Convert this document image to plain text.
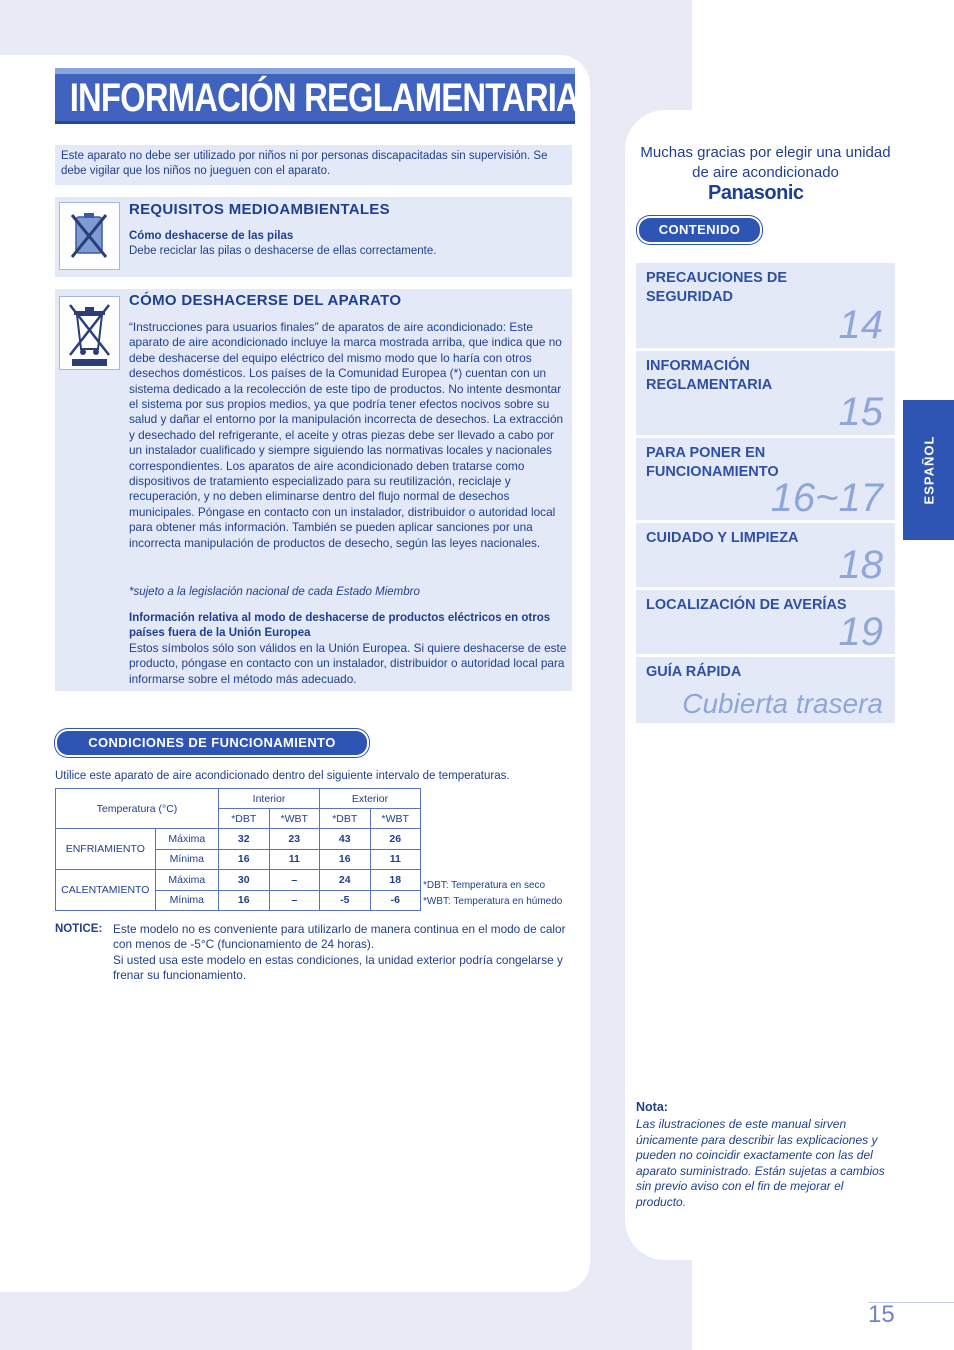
INFORMACIÓN REGLAMENTARIA
Este aparato no debe ser utilizado por niños ni por personas discapacitadas sin supervisión. Se debe vigilar que los niños no jueguen con el aparato.
REQUISITOS MEDIOAMBIENTALES
Cómo deshacerse de las pilas
Debe reciclar las pilas o deshacerse de ellas correctamente.
CÓMO DESHACERSE DEL APARATO
“Instrucciones para usuarios finales” de aparatos de aire acondicionado: Este aparato de aire acondicionado incluye la marca mostrada arriba, que indica que no debe deshacerse del equipo eléctrico del mismo modo que lo haría con otros desechos domésticos. Los países de la Comunidad Europea (*) cuentan con un sistema dedicado a la recolección de este tipo de productos. No intente desmontar el sistema por sus propios medios, ya que podría tener efectos nocivos sobre su salud y dañar el entorno por la manipulación incorrecta de desechos. La extracción y desechado del refrigerante, el aceite y otras piezas debe ser llevado a cabo por un instalador cualificado y siempre siguiendo las normativas locales y nacionales correspondientes. Los aparatos de aire acondicionado deben tratarse como dispositivos de tratamiento especializado para su reutilización, reciclaje y recuperación, y no deben eliminarse dentro del flujo normal de desechos municipales. Póngase en contacto con un instalador, distribuidor o autoridad local para obtener más información. También se pueden aplicar sanciones por una incorrecta manipulación de productos de desecho, según las leyes nacionales.
*sujeto a la legislación nacional de cada Estado Miembro
Información relativa al modo de deshacerse de productos eléctricos en otros países fuera de la Unión Europea
Estos símbolos sólo son válidos en la Unión Europea. Si quiere deshacerse de este producto, póngase en contacto con un instalador, distribuidor o autoridad local para informarse sobre el método más adecuado.
CONDICIONES DE FUNCIONAMIENTO
Utilice este aparato de aire acondicionado dentro del siguiente intervalo de temperaturas.
Temperatura (°C)		Interior		Exterior	
		*DBT	*WBT	*DBT	*WBT
ENFRIAMIENTO	Máxima	32	23	43	26
	Mínima	16	11	16	11
CALENTAMIENTO	Máxima	30	–	24	18
	Mínima	16	–	-5	-6
*DBT: Temperatura en seco
*WBT: Temperatura en húmedo
NOTICE: Este modelo no es conveniente para utilizarlo de manera continua en el modo de calor con menos de -5°C (funcionamiento de 24 horas).
Si usted usa este modelo en estas condiciones, la unidad exterior podría congelarse y frenar su funcionamiento.
Muchas gracias por elegir una unidad de aire acondicionado
Panasonic
CONTENIDO
PRECAUCIONES DE SEGURIDAD
14
INFORMACIÓN REGLAMENTARIA
15
PARA PONER EN FUNCIONAMIENTO
16~17
CUIDADO Y LIMPIEZA
18
LOCALIZACIÓN DE AVERÍAS
19
GUÍA RÁPIDA
Cubierta trasera
ESPAÑOL
Nota:
Las ilustraciones de este manual sirven únicamente para describir las explicaciones y pueden no coincidir exactamente con las del aparato suministrado. Están sujetas a cambios sin previo aviso con el fin de mejorar el producto.
15
